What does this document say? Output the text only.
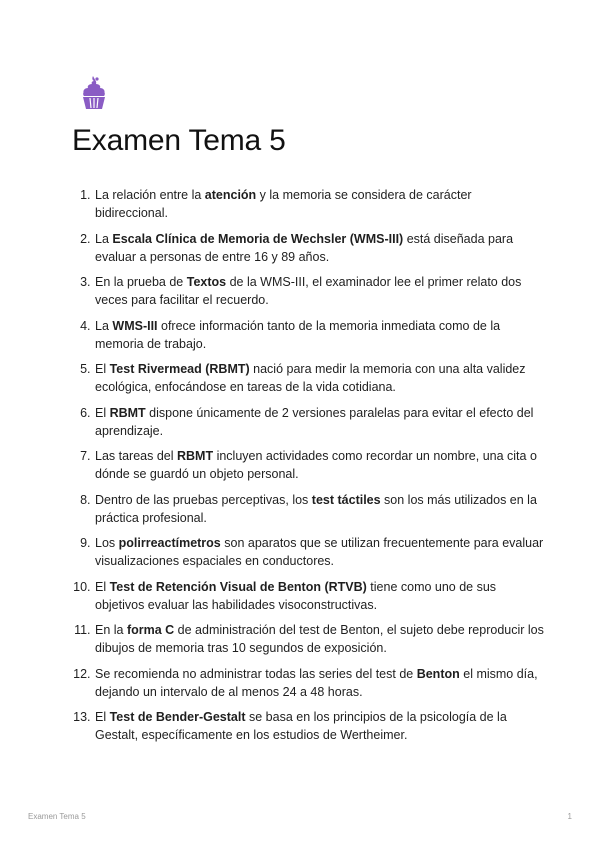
Examen Tema 5
1. La relación entre la atención y la memoria se considera de carácter bidireccional.
2. La Escala Clínica de Memoria de Wechsler (WMS-III) está diseñada para evaluar a personas de entre 16 y 89 años.
3. En la prueba de Textos de la WMS-III, el examinador lee el primer relato dos veces para facilitar el recuerdo.
4. La WMS-III ofrece información tanto de la memoria inmediata como de la memoria de trabajo.
5. El Test Rivermead (RBMT) nació para medir la memoria con una alta validez ecológica, enfocándose en tareas de la vida cotidiana.
6. El RBMT dispone únicamente de 2 versiones paralelas para evitar el efecto del aprendizaje.
7. Las tareas del RBMT incluyen actividades como recordar un nombre, una cita o dónde se guardó un objeto personal.
8. Dentro de las pruebas perceptivas, los test táctiles son los más utilizados en la práctica profesional.
9. Los polirreactímetros son aparatos que se utilizan frecuentemente para evaluar visualizaciones espaciales en conductores.
10. El Test de Retención Visual de Benton (RTVB) tiene como uno de sus objetivos evaluar las habilidades visoconstructivas.
11. En la forma C de administración del test de Benton, el sujeto debe reproducir los dibujos de memoria tras 10 segundos de exposición.
12. Se recomienda no administrar todas las series del test de Benton el mismo día, dejando un intervalo de al menos 24 a 48 horas.
13. El Test de Bender-Gestalt se basa en los principios de la psicología de la Gestalt, específicamente en los estudios de Wertheimer.
Examen Tema 5	1
